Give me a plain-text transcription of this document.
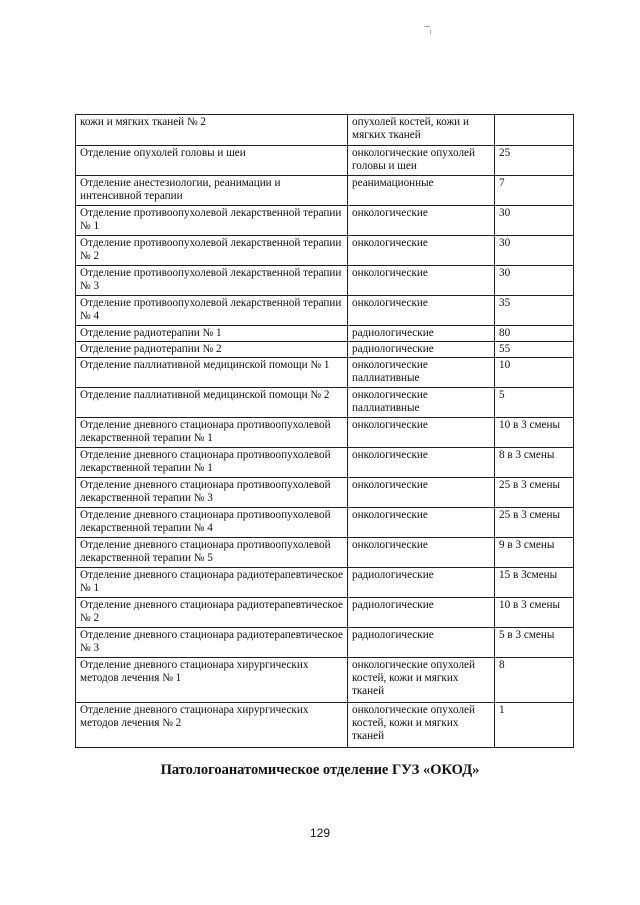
кожи и мягких тканей № 2	опухолей костей, кожи и мягких тканей	
Отделение опухолей головы и шеи	онкологические опухолей головы и шеи	25
Отделение анестезиологии, реанимации и интенсивной терапии	реанимационные	7
Отделение противоопухолевой лекарственной терапии № 1	онкологические	30
Отделение противоопухолевой лекарственной терапии № 2	онкологические	30
Отделение противоопухолевой лекарственной терапии № 3	онкологические	30
Отделение противоопухолевой лекарственной терапии № 4	онкологические	35
Отделение радиотерапии № 1	радиологические	80
Отделение радиотерапии № 2	радиологические	55
Отделение паллиативной медицинской помощи № 1	онкологические паллиативные	10
Отделение паллиативной медицинской помощи № 2	онкологические паллиативные	5
Отделение дневного стационара противоопухолевой лекарственной терапии № 1	онкологические	10 в 3 смены
Отделение дневного стационара противоопухолевой лекарственной терапии № 1	онкологические	8 в 3 смены
Отделение дневного стационара противоопухолевой лекарственной терапии № 3	онкологические	25 в 3 смены
Отделение дневного стационара противоопухолевой лекарственной терапии № 4	онкологические	25 в 3 смены
Отделение дневного стационара противоопухолевой лекарственной терапии № 5	онкологические	9 в 3 смены
Отделение дневного стационара радиотерапевтическое № 1	радиологические	15 в 3смены
Отделение дневного стационара радиотерапевтическое № 2	радиологические	10 в 3 смены
Отделение дневного стационара радиотерапевтическое № 3	радиологические	5 в 3 смены
Отделение дневного стационара хирургических методов лечения № 1	онкологические опухолей костей, кожи и мягких тканей	8
Отделение дневного стационара хирургических методов лечения № 2	онкологические опухолей костей, кожи и мягких тканей	1
Патологоанатомическое отделение ГУЗ «ОКОД»
129
